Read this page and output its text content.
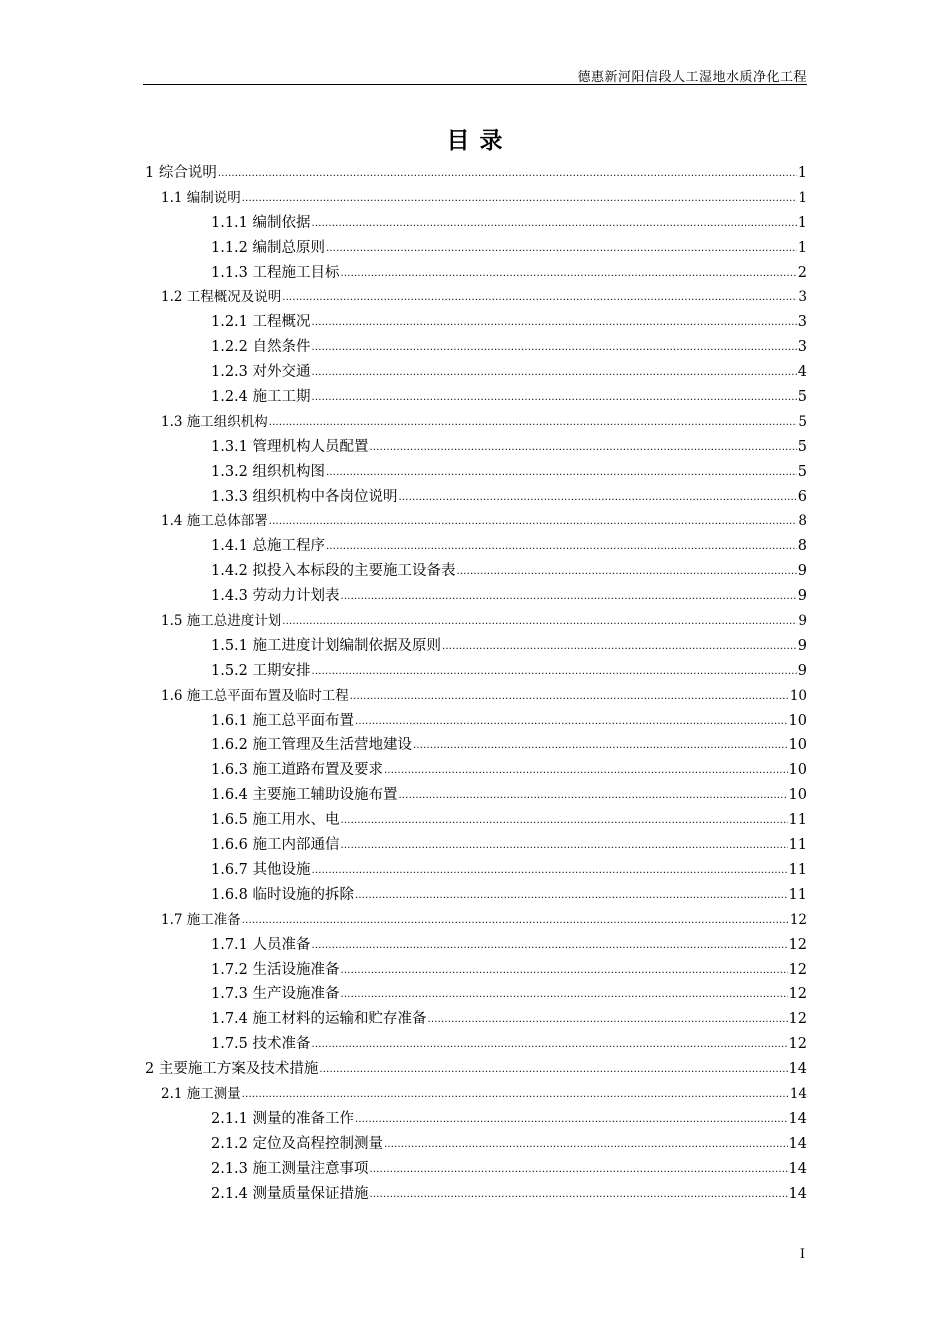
德惠新河阳信段人工湿地水质净化工程
目 录
1 综合说明 .....	1
1.1 编制说明 .....	1
1.1.1 编制依据 .....	1
1.1.2 编制总原则 .....	1
1.1.3 工程施工目标 .....	2
1.2 工程概况及说明 .....	3
1.2.1 工程概况 .....	3
1.2.2 自然条件 .....	3
1.2.3 对外交通 .....	4
1.2.4 施工工期 .....	5
1.3 施工组织机构 .....	5
1.3.1 管理机构人员配置 .....	5
1.3.2 组织机构图 .....	5
1.3.3 组织机构中各岗位说明 .....	6
1.4 施工总体部署 .....	8
1.4.1 总施工程序 .....	8
1.4.2 拟投入本标段的主要施工设备表 .....	9
1.4.3 劳动力计划表 .....	9
1.5 施工总进度计划 .....	9
1.5.1 施工进度计划编制依据及原则 .....	9
1.5.2 工期安排 .....	9
1.6 施工总平面布置及临时工程 .....	10
1.6.1 施工总平面布置 .....	10
1.6.2 施工管理及生活营地建设 .....	10
1.6.3 施工道路布置及要求 .....	10
1.6.4 主要施工辅助设施布置 .....	10
1.6.5 施工用水、电 .....	11
1.6.6 施工内部通信 .....	11
1.6.7 其他设施 .....	11
1.6.8 临时设施的拆除 .....	11
1.7 施工准备 .....	12
1.7.1 人员准备 .....	12
1.7.2 生活设施准备 .....	12
1.7.3 生产设施准备 .....	12
1.7.4 施工材料的运输和贮存准备 .....	12
1.7.5 技术准备 .....	12
2 主要施工方案及技术措施 .....	14
2.1 施工测量 .....	14
2.1.1 测量的准备工作 .....	14
2.1.2 定位及高程控制测量 .....	14
2.1.3 施工测量注意事项 .....	14
2.1.4 测量质量保证措施 .....	14
I
